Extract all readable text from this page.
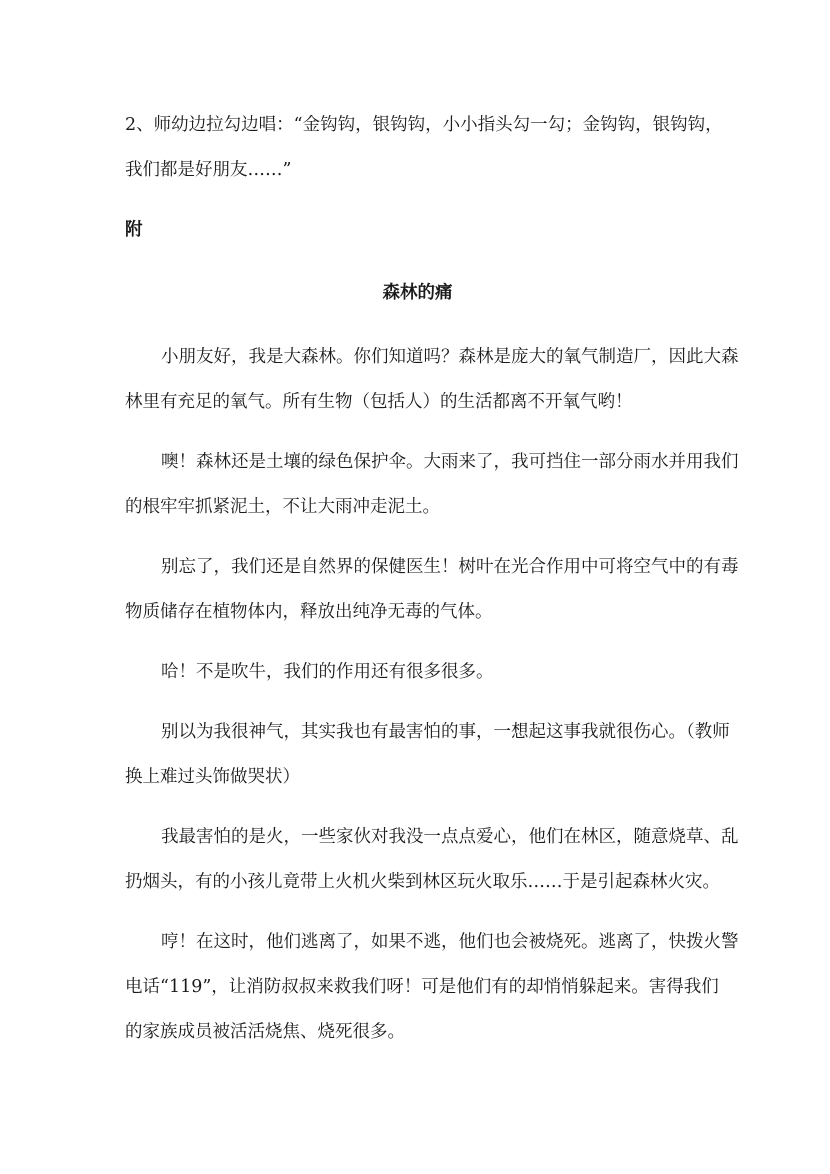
2、师幼边拉勾边唱：“金钩钩，银钩钩，小小指头勾一勾；金钩钩，银钩钩，
我们都是好朋友……”
附
森林的痛
小朋友好，我是大森林。你们知道吗？森林是庞大的氧气制造厂，因此大森
林里有充足的氧气。所有生物（包括人）的生活都离不开氧气哟！
噢！森林还是土壤的绿色保护伞。大雨来了，我可挡住一部分雨水并用我们
的根牢牢抓紧泥土，不让大雨冲走泥土。
别忘了，我们还是自然界的保健医生！树叶在光合作用中可将空气中的有毒
物质储存在植物体内，释放出纯净无毒的气体。
哈！不是吹牛，我们的作用还有很多很多。
别以为我很神气，其实我也有最害怕的事，一想起这事我就很伤心。（教师
换上难过头饰做哭状）
我最害怕的是火，一些家伙对我没一点点爱心，他们在林区，随意烧草、乱
扔烟头，有的小孩儿竟带上火机火柴到林区玩火取乐……于是引起森林火灾。
哼！在这时，他们逃离了，如果不逃，他们也会被烧死。逃离了，快拨火警
电话“119”，让消防叔叔来救我们呀！可是他们有的却悄悄躲起来。害得我们
的家族成员被活活烧焦、烧死很多。
